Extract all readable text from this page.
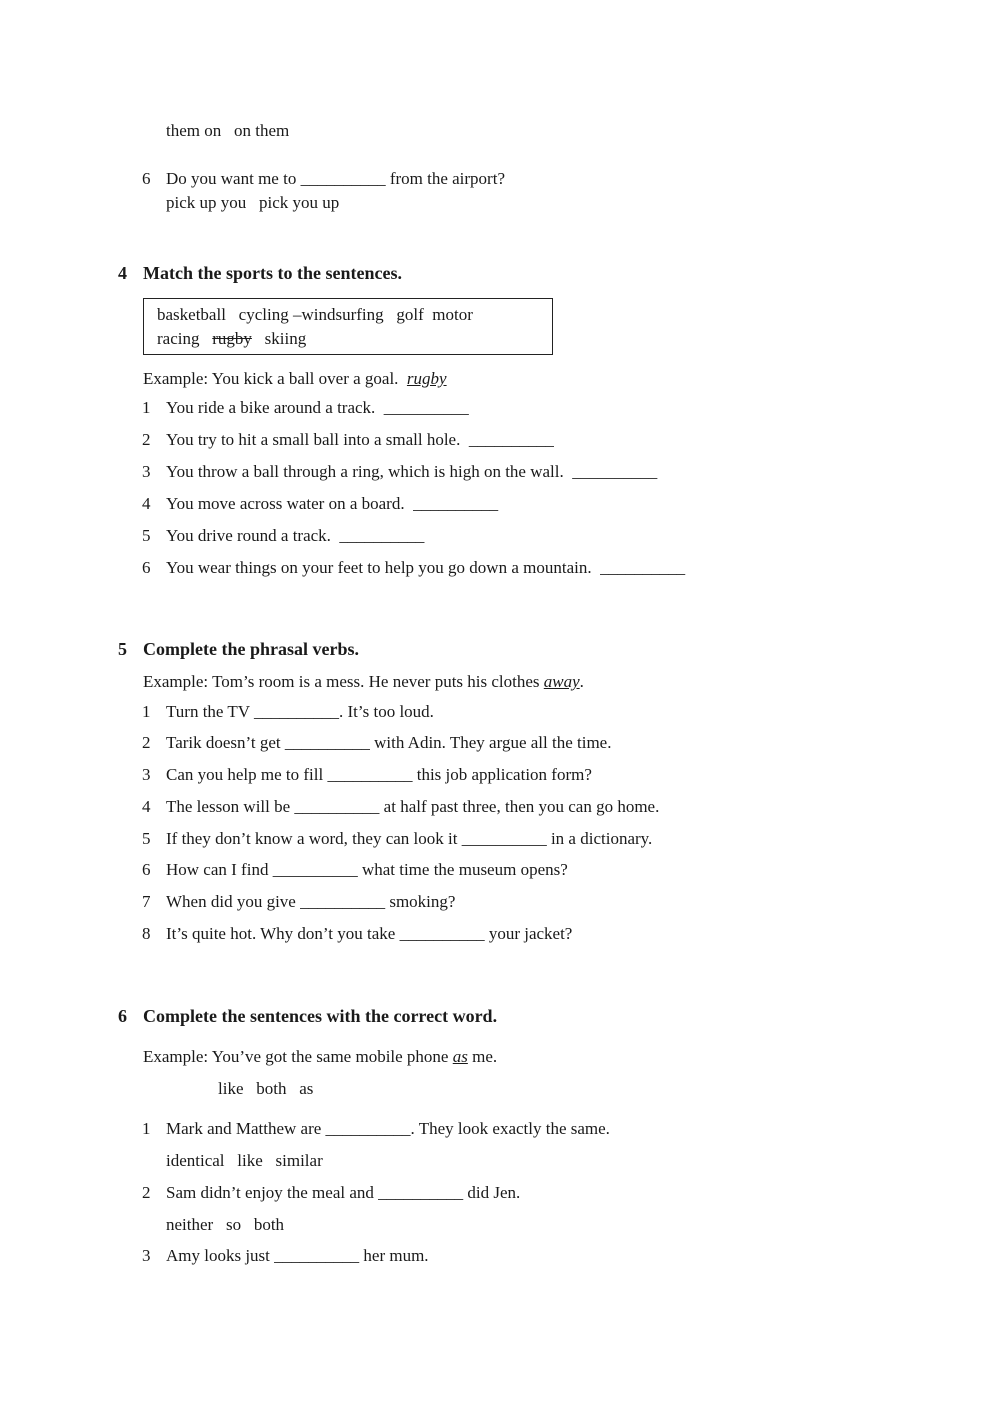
them on   on them
6 Do you want me to __________ from the airport?
pick up you   pick you up
4 Match the sports to the sentences.
basketball   cycling –windsurfing   golf  motor
racing   rugby   skiing
Example: You kick a ball over a goal.  rugby
1 You ride a bike around a track.  __________
2 You try to hit a small ball into a small hole.  __________
3 You throw a ball through a ring, which is high on the wall.  __________
4 You move across water on a board.  __________
5 You drive round a track.  __________
6 You wear things on your feet to help you go down a mountain.  __________
5 Complete the phrasal verbs.
Example: Tom’s room is a mess. He never puts his clothes away.
1 Turn the TV __________. It’s too loud.
2 Tarik doesn’t get __________ with Adin. They argue all the time.
3 Can you help me to fill __________ this job application form?
4 The lesson will be __________ at half past three, then you can go home.
5 If they don’t know a word, they can look it __________ in a dictionary.
6 How can I find __________ what time the museum opens?
7 When did you give __________ smoking?
8 It’s quite hot. Why don’t you take __________ your jacket?
6 Complete the sentences with the correct word.
Example: You’ve got the same mobile phone as me.
like   both   as
1 Mark and Matthew are __________. They look exactly the same.
identical   like   similar
2 Sam didn’t enjoy the meal and __________ did Jen.
neither   so   both
3 Amy looks just __________ her mum.
